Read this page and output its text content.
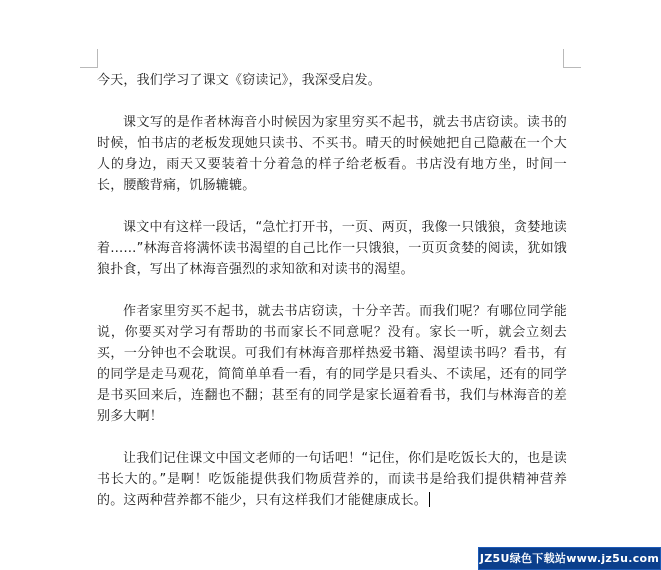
今天，我们学习了课文《窃读记》，我深受启发。

课文写的是作者林海音小时候因为家里穷买不起书，就去书店窃读。读书的时候，怕书店的老板发现她只读书、不买书。晴天的时候她把自己隐蔽在一个大人的身边，雨天又要装着十分着急的样子给老板看。书店没有地方坐，时间一长，腰酸背痛，饥肠辘辘。

课文中有这样一段话，“急忙打开书，一页、两页，我像一只饿狼，贪婪地读着……”林海音将满怀读书渴望的自己比作一只饿狼，一页页贪婪的阅读，犹如饿狼扑食，写出了林海音强烈的求知欲和对读书的渴望。

作者家里穷买不起书，就去书店窃读，十分辛苦。而我们呢？有哪位同学能说，你要买对学习有帮助的书而家长不同意呢？没有。家长一听，就会立刻去买，一分钟也不会耽误。可我们有林海音那样热爱书籍、渴望读书吗？看书，有的同学是走马观花，简简单单看一看，有的同学是只看头、不读尾，还有的同学是书买回来后，连翻也不翻；甚至有的同学是家长逼着看书，我们与林海音的差别多大啊！

让我们记住课文中国文老师的一句话吧！“记住，你们是吃饭长大的，也是读书长大的。”是啊！吃饭能提供我们物质营养的，而读书是给我们提供精神营养的。这两种营养都不能少，只有这样我们才能健康成长。

JZ5U绿色下载站www.jz5u.com
